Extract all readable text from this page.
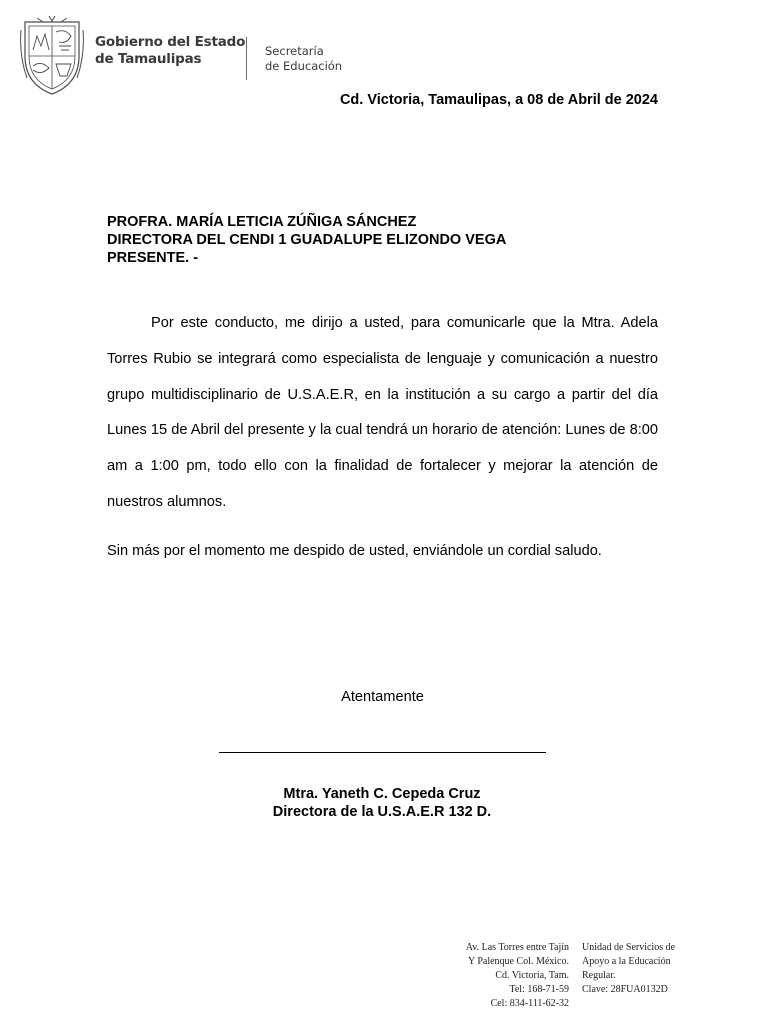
Gobierno del Estado
de Tamaulipas	Secretaría
de Educación
Cd. Victoria, Tamaulipas, a 08 de Abril de 2024
PROFRA. MARÍA LETICIA ZÚÑIGA SÁNCHEZ
DIRECTORA DEL CENDI 1 GUADALUPE ELIZONDO VEGA
PRESENTE. -

Por este conducto, me dirijo a usted, para comunicarle que la Mtra. Adela Torres Rubio se integrará como especialista de lenguaje y comunicación a nuestro grupo multidisciplinario de U.S.A.E.R, en la institución a su cargo a partir del día Lunes 15 de Abril del presente y la cual tendrá un horario de atención: Lunes de 8:00 am a 1:00 pm, todo ello con la finalidad de fortalecer y mejorar la atención de nuestros alumnos.

Sin más por el momento me despido de usted, enviándole un cordial saludo.

Atentamente
Mtra. Yaneth C. Cepeda Cruz
Directora de la U.S.A.E.R 132 D.
Av. Las Torres entre Tajín
Y Palenque Col. México.
Cd. Victoria, Tam.
Tel: 168-71-59
Cel: 834-111-62-32
Unidad de Servicios de
Apoyo a la Educación
Regular.
Clave: 28FUA0132D
